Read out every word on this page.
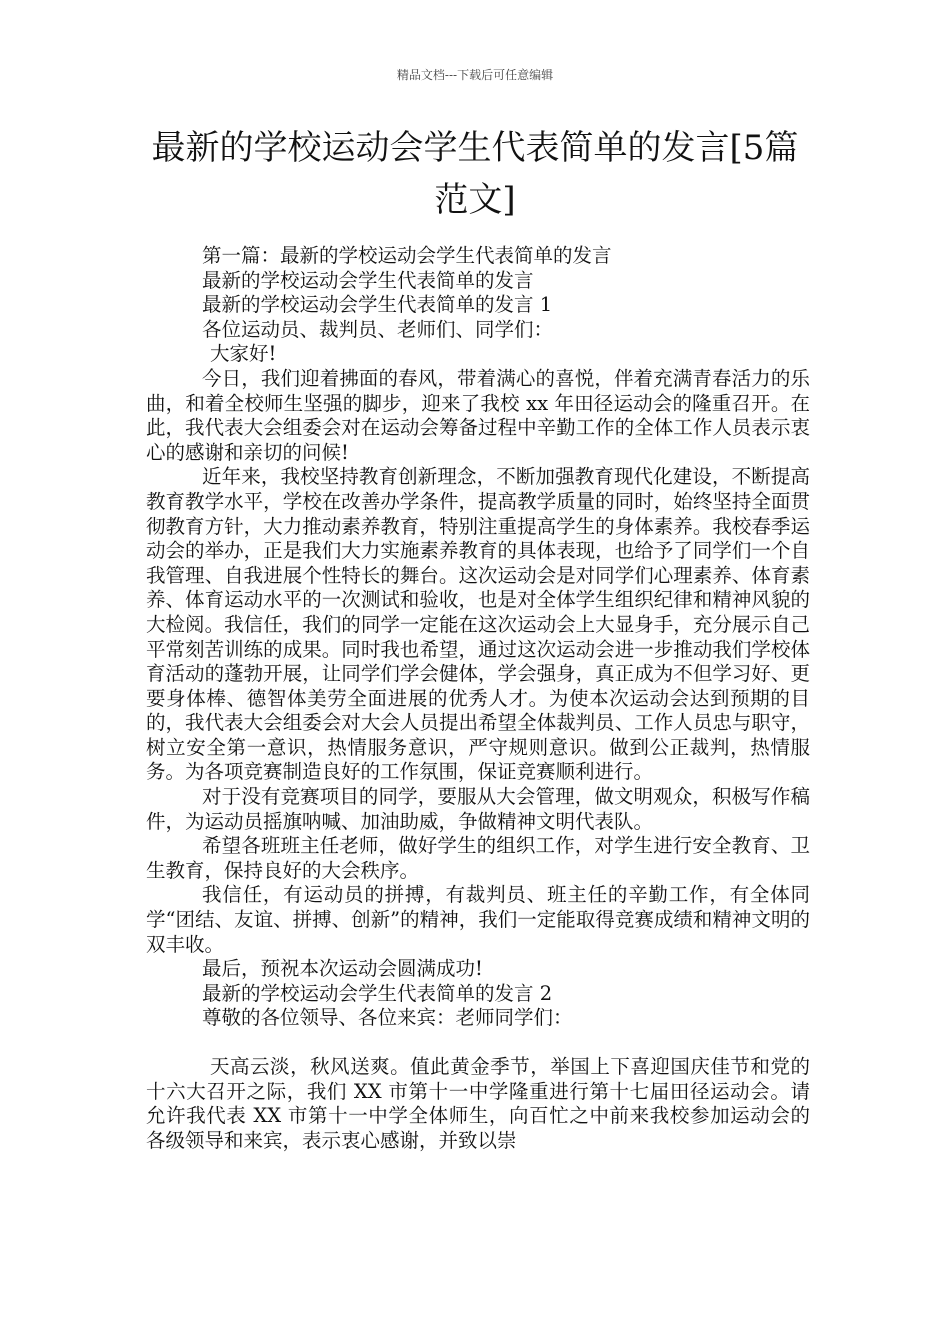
精品文档---下载后可任意编辑
最新的学校运动会学生代表简单的发言[5篇范文]

第一篇：最新的学校运动会学生代表简单的发言

最新的学校运动会学生代表简单的发言

最新的学校运动会学生代表简单的发言 1

各位运动员、裁判员、老师们、同学们：

大家好!

今日，我们迎着拂面的春风，带着满心的喜悦，伴着充满青春活力的乐曲，和着全校师生坚强的脚步，迎来了我校 xx 年田径运动会的隆重召开。在此，我代表大会组委会对在运动会筹备过程中辛勤工作的全体工作人员表示衷心的感谢和亲切的问候!

近年来，我校坚持教育创新理念，不断加强教育现代化建设，不断提高教育教学水平，学校在改善办学条件，提高教学质量的同时，始终坚持全面贯彻教育方针，大力推动素养教育，特别注重提高学生的身体素养。我校春季运动会的举办，正是我们大力实施素养教育的具体表现，也给予了同学们一个自我管理、自我进展个性特长的舞台。这次运动会是对同学们心理素养、体育素养、体育运动水平的一次测试和验收，也是对全体学生组织纪律和精神风貌的大检阅。我信任，我们的同学一定能在这次运动会上大显身手，充分展示自己平常刻苦训练的成果。同时我也希望，通过这次运动会进一步推动我们学校体育活动的蓬勃开展，让同学们学会健体，学会强身，真正成为不但学习好、更要身体棒、德智体美劳全面进展的优秀人才。为使本次运动会达到预期的目的，我代表大会组委会对大会人员提出希望全体裁判员、工作人员忠与职守，树立安全第一意识，热情服务意识，严守规则意识。做到公正裁判，热情服务。为各项竞赛制造良好的工作氛围，保证竞赛顺利进行。

对于没有竞赛项目的同学，要服从大会管理，做文明观众，积极写作稿件，为运动员摇旗呐喊、加油助威，争做精神文明代表队。

希望各班班主任老师，做好学生的组织工作，对学生进行安全教育、卫生教育，保持良好的大会秩序。

我信任，有运动员的拼搏，有裁判员、班主任的辛勤工作，有全体同学“团结、友谊、拼搏、创新”的精神，我们一定能取得竞赛成绩和精神文明的双丰收。

最后，预祝本次运动会圆满成功!

最新的学校运动会学生代表简单的发言 2

尊敬的各位领导、各位来宾：老师同学们：

天高云淡，秋风送爽。值此黄金季节，举国上下喜迎国庆佳节和党的十六大召开之际，我们 XX 市第十一中学隆重进行第十七届田径运动会。请允许我代表 XX 市第十一中学全体师生，向百忙之中前来我校参加运动会的各级领导和来宾，表示衷心感谢，并致以崇
